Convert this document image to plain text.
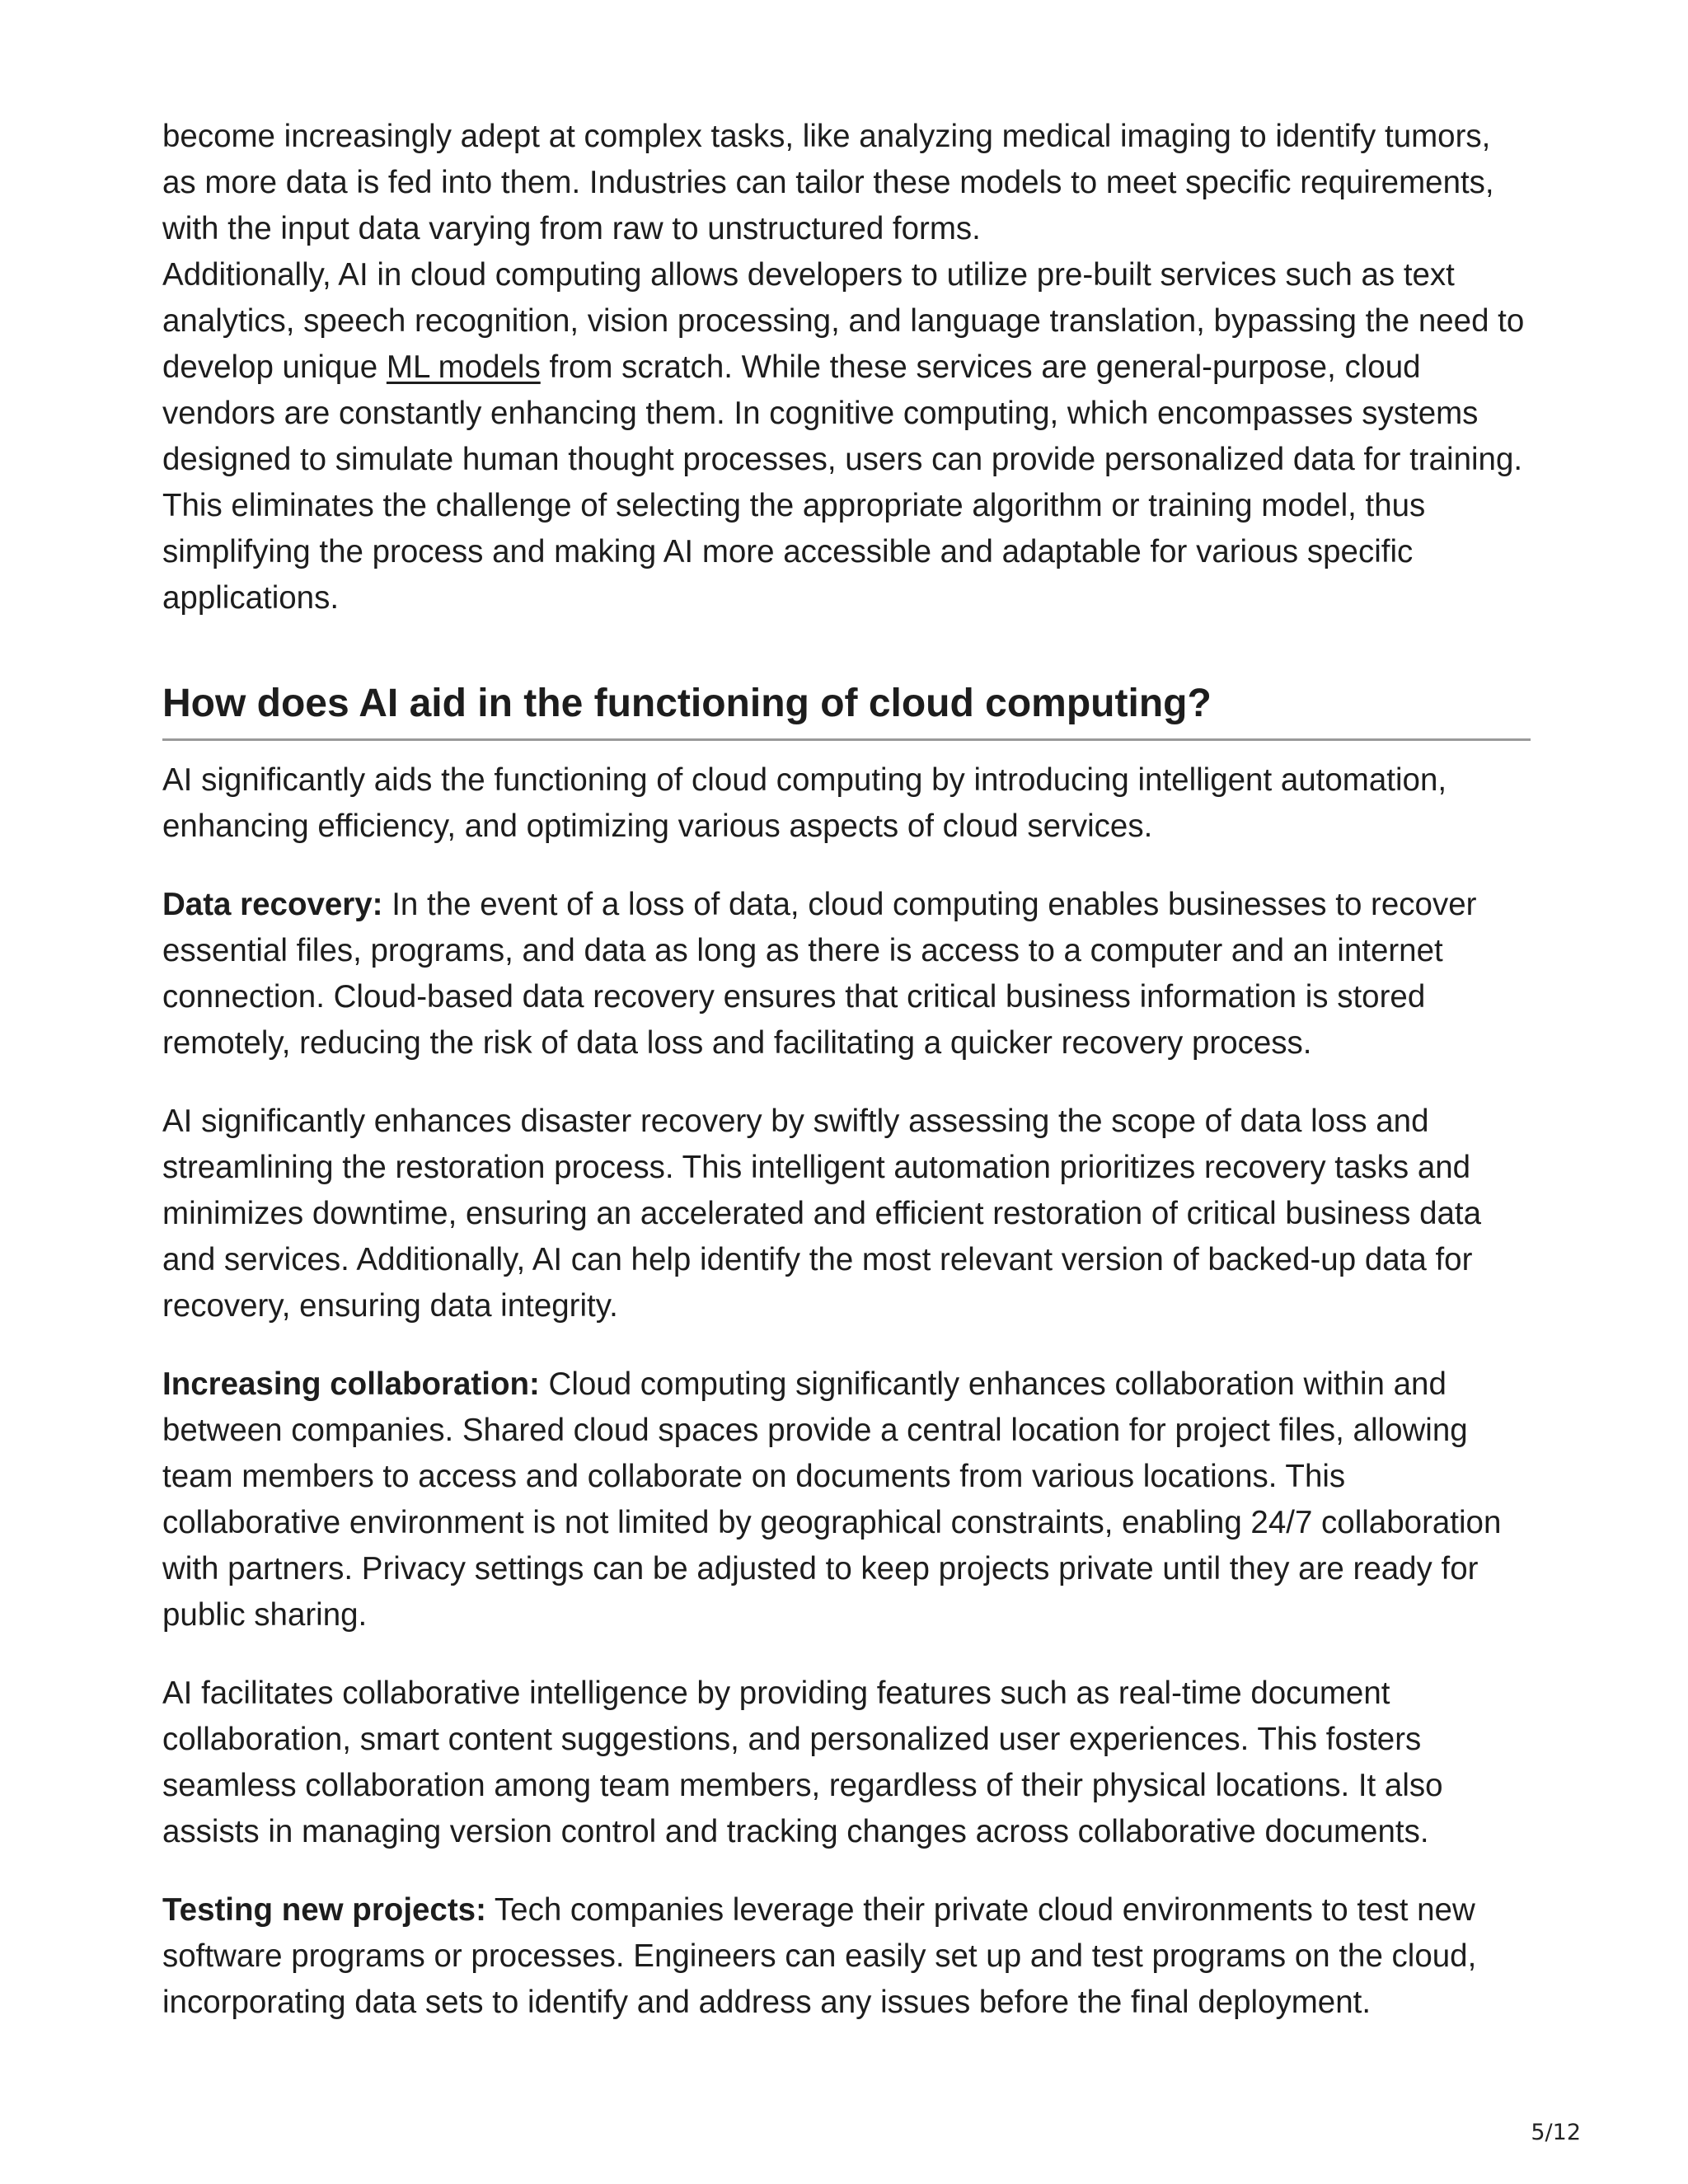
become increasingly adept at complex tasks, like analyzing medical imaging to identify tumors, as more data is fed into them. Industries can tailor these models to meet specific requirements, with the input data varying from raw to unstructured forms.

Additionally, AI in cloud computing allows developers to utilize pre-built services such as text analytics, speech recognition, vision processing, and language translation, bypassing the need to develop unique ML models from scratch. While these services are general-purpose, cloud vendors are constantly enhancing them. In cognitive computing, which encompasses systems designed to simulate human thought processes, users can provide personalized data for training. This eliminates the challenge of selecting the appropriate algorithm or training model, thus simplifying the process and making AI more accessible and adaptable for various specific applications.

How does AI aid in the functioning of cloud computing?

AI significantly aids the functioning of cloud computing by introducing intelligent automation, enhancing efficiency, and optimizing various aspects of cloud services.

Data recovery: In the event of a loss of data, cloud computing enables businesses to recover essential files, programs, and data as long as there is access to a computer and an internet connection. Cloud-based data recovery ensures that critical business information is stored remotely, reducing the risk of data loss and facilitating a quicker recovery process.

AI significantly enhances disaster recovery by swiftly assessing the scope of data loss and streamlining the restoration process. This intelligent automation prioritizes recovery tasks and minimizes downtime, ensuring an accelerated and efficient restoration of critical business data and services. Additionally, AI can help identify the most relevant version of backed-up data for recovery, ensuring data integrity.

Increasing collaboration: Cloud computing significantly enhances collaboration within and between companies. Shared cloud spaces provide a central location for project files, allowing team members to access and collaborate on documents from various locations. This collaborative environment is not limited by geographical constraints, enabling 24/7 collaboration with partners. Privacy settings can be adjusted to keep projects private until they are ready for public sharing.

AI facilitates collaborative intelligence by providing features such as real-time document collaboration, smart content suggestions, and personalized user experiences. This fosters seamless collaboration among team members, regardless of their physical locations. It also assists in managing version control and tracking changes across collaborative documents.

Testing new projects: Tech companies leverage their private cloud environments to test new software programs or processes. Engineers can easily set up and test programs on the cloud, incorporating data sets to identify and address any issues before the final deployment.

5/12
